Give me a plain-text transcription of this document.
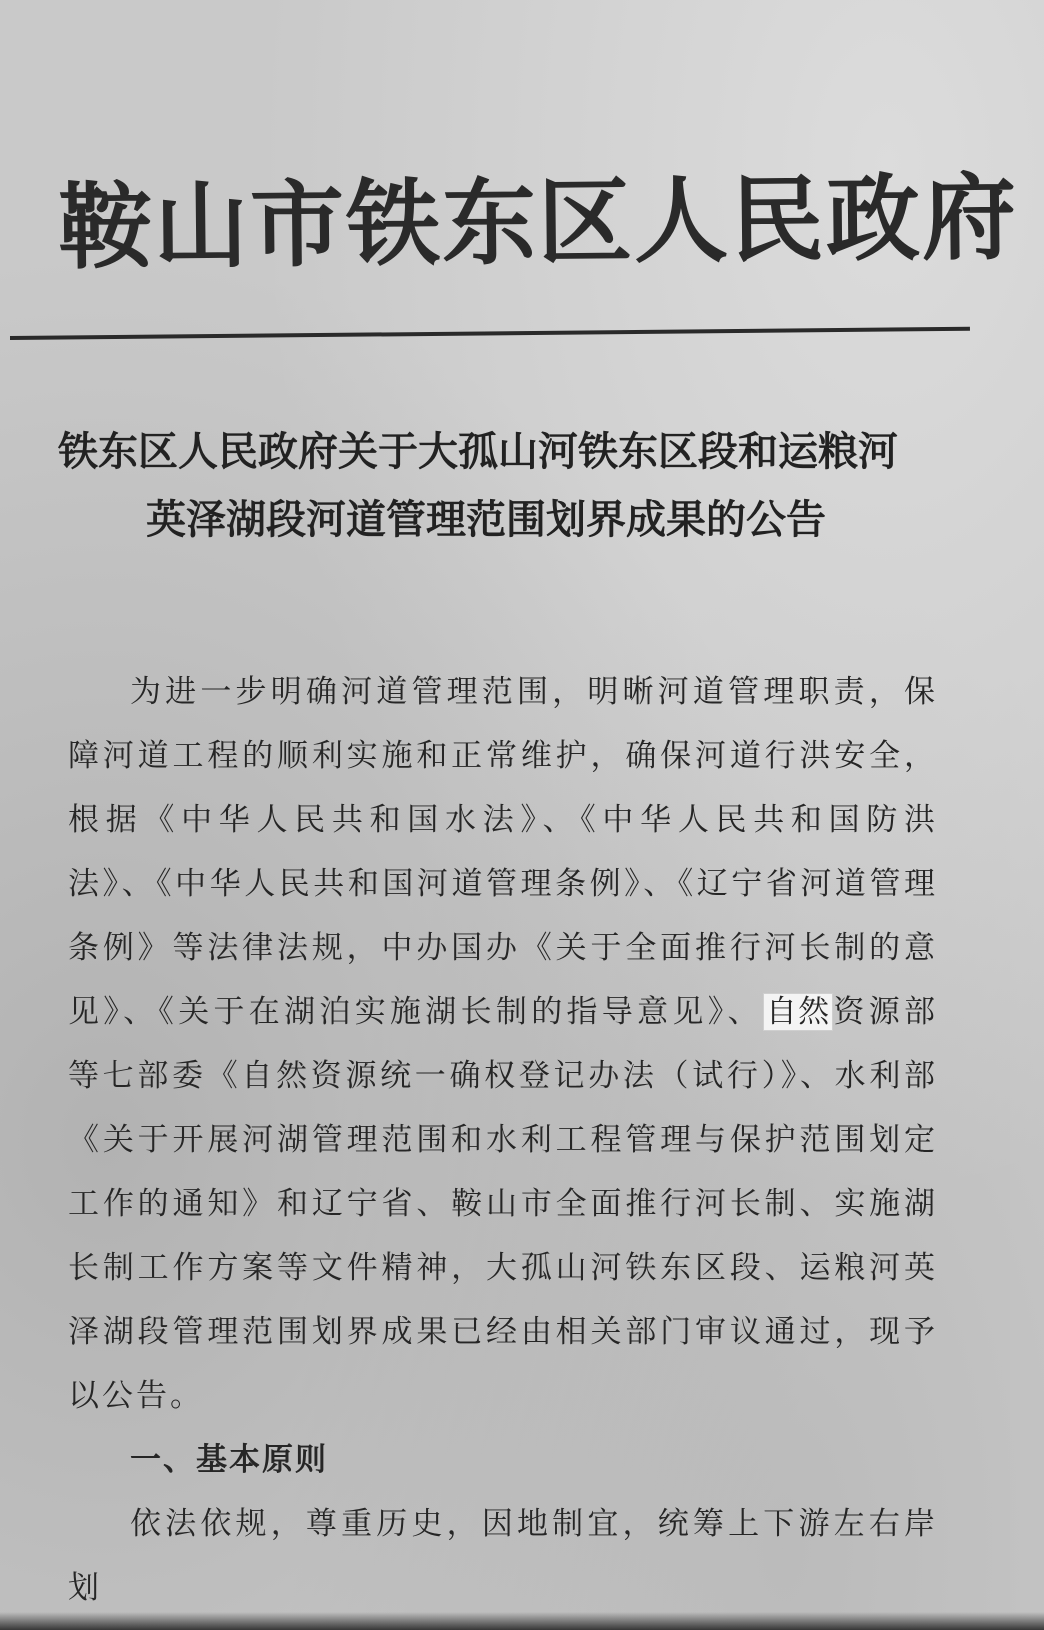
鞍山市铁东区人民政府
铁东区人民政府关于大孤山河铁东区段和运粮河
英泽湖段河道管理范围划界成果的公告

为进一步明确河道管理范围，明晰河道管理职责，保障河道工程的顺利实施和正常维护，确保河道行洪安全，根据《中华人民共和国水法》、《中华人民共和国防洪法》、《中华人民共和国河道管理条例》、《辽宁省河道管理条例》等法律法规，中办国办《关于全面推行河长制的意见》、《关于在湖泊实施湖长制的指导意见》、自然资源部等七部委《自然资源统一确权登记办法（试行）》、水利部《关于开展河湖管理范围和水利工程管理与保护范围划定工作的通知》和辽宁省、鞍山市全面推行河长制、实施湖长制工作方案等文件精神，大孤山河铁东区段、运粮河英泽湖段管理范围划界成果已经由相关部门审议通过，现予以公告。

一、基本原则

依法依规，尊重历史，因地制宜，统筹上下游左右岸划
